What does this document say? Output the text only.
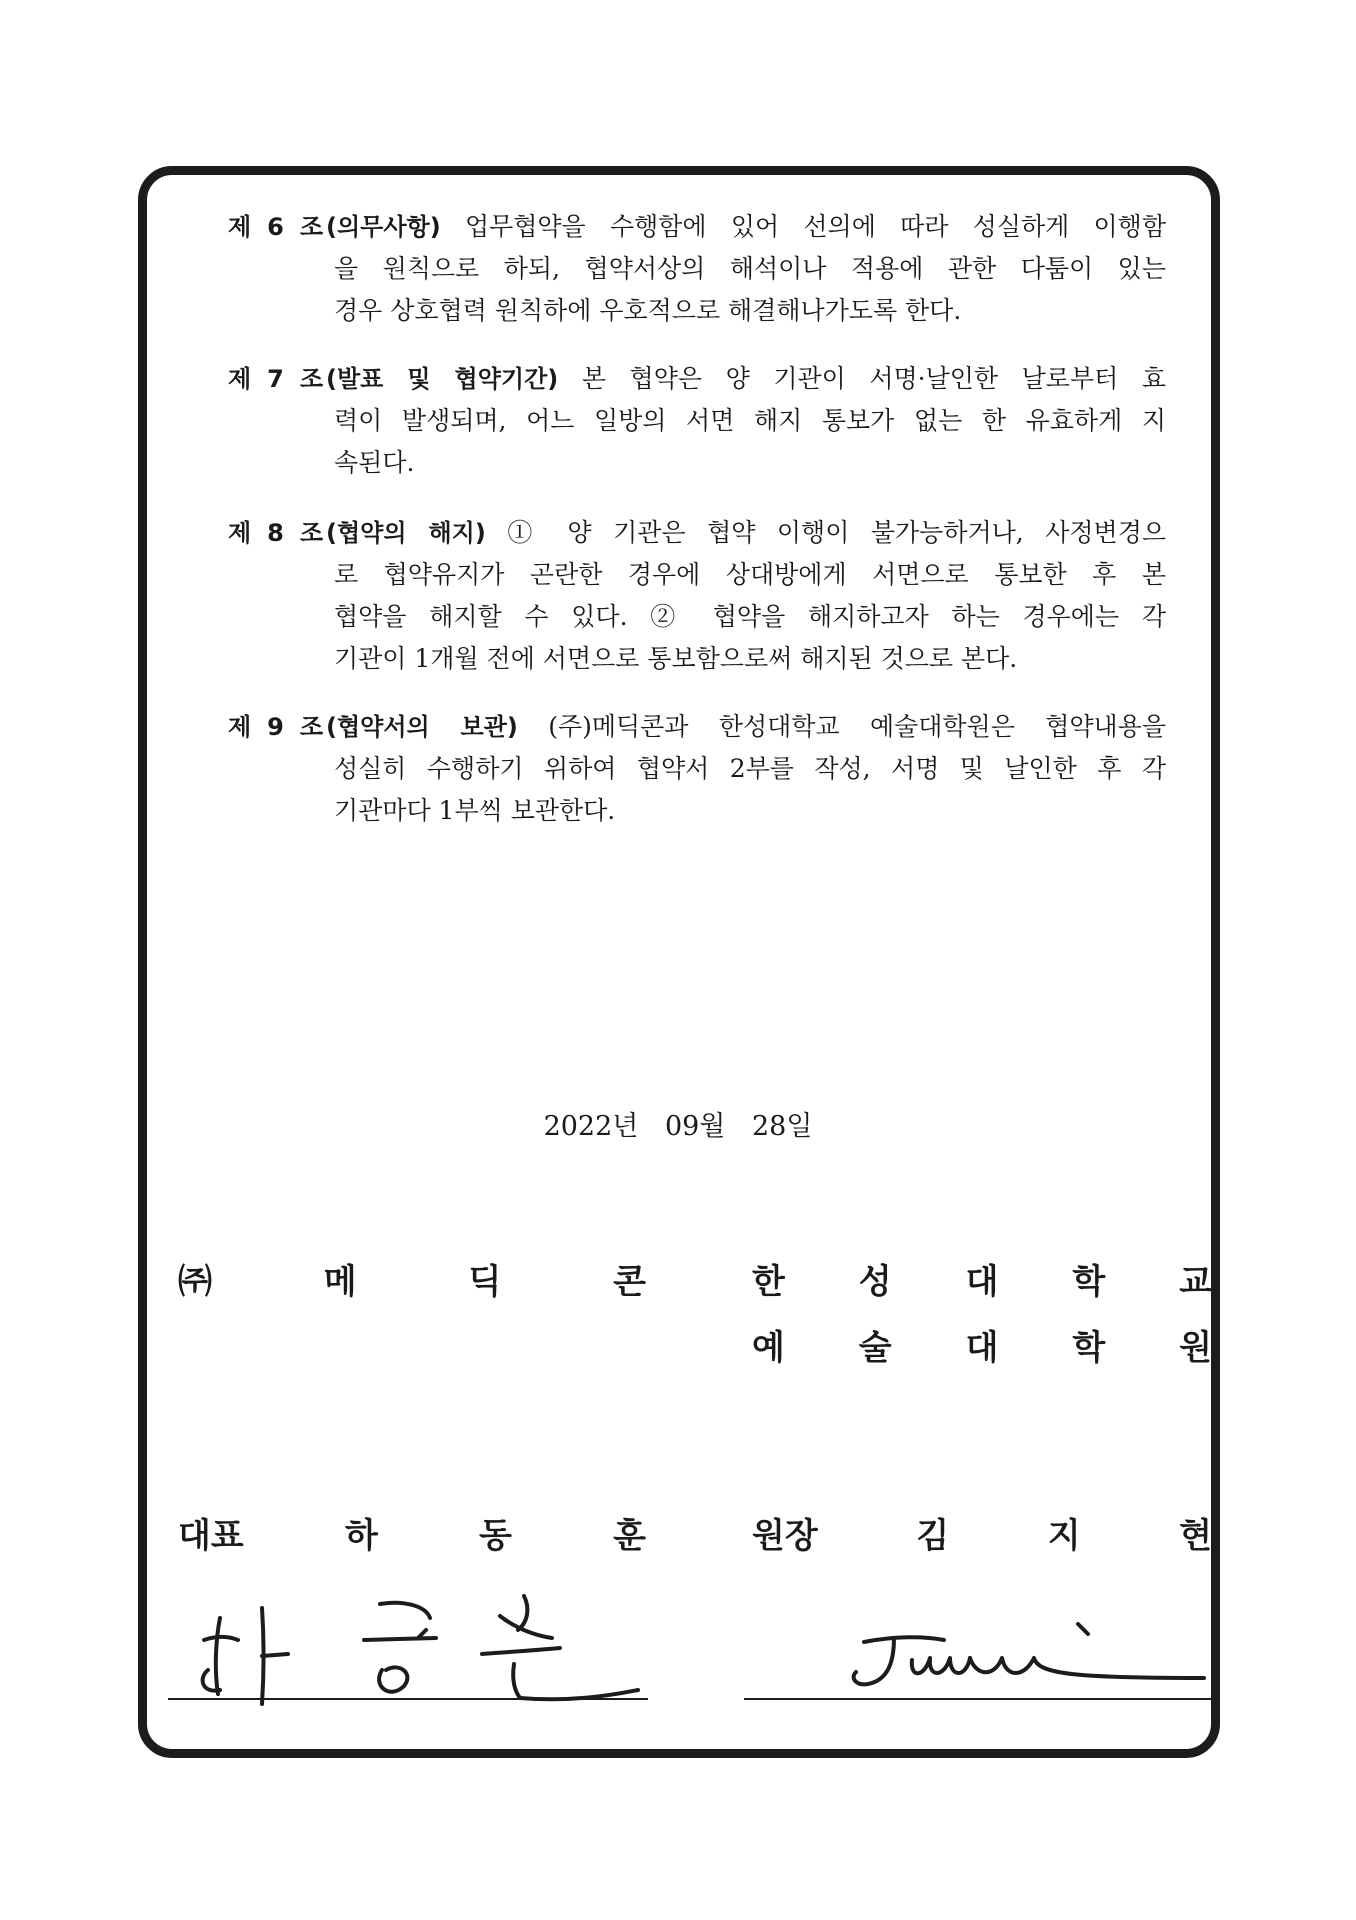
제 6 조(의무사항) 업무협약을 수행함에 있어 선의에 따라 성실하게 이행함
을 원칙으로 하되, 협약서상의 해석이나 적용에 관한 다툼이 있는
경우 상호협력 원칙하에 우호적으로 해결해나가도록 한다.
제 7 조(발표 및 협약기간) 본 협약은 양 기관이 서명·날인한 날로부터 효
력이 발생되며, 어느 일방의 서면 해지 통보가 없는 한 유효하게 지
속된다.
제 8 조(협약의 해지) ① 양 기관은 협약 이행이 불가능하거나, 사정변경으
로 협약유지가 곤란한 경우에 상대방에게 서면으로 통보한 후 본
협약을 해지할 수 있다. ② 협약을 해지하고자 하는 경우에는 각
기관이 1개월 전에 서면으로 통보함으로써 해지된 것으로 본다.
제 9 조(협약서의 보관) (주)메딕콘과 한성대학교 예술대학원은 협약내용을
성실히 수행하기 위하여 협약서 2부를 작성, 서명 및 날인한 후 각
기관마다 1부씩 보관한다.
2022년 09월 28일
㈜	메	딕	콘	한 성 대 학 교
예 술 대 학 원
대표	하	동	훈	원장	김	지	현
